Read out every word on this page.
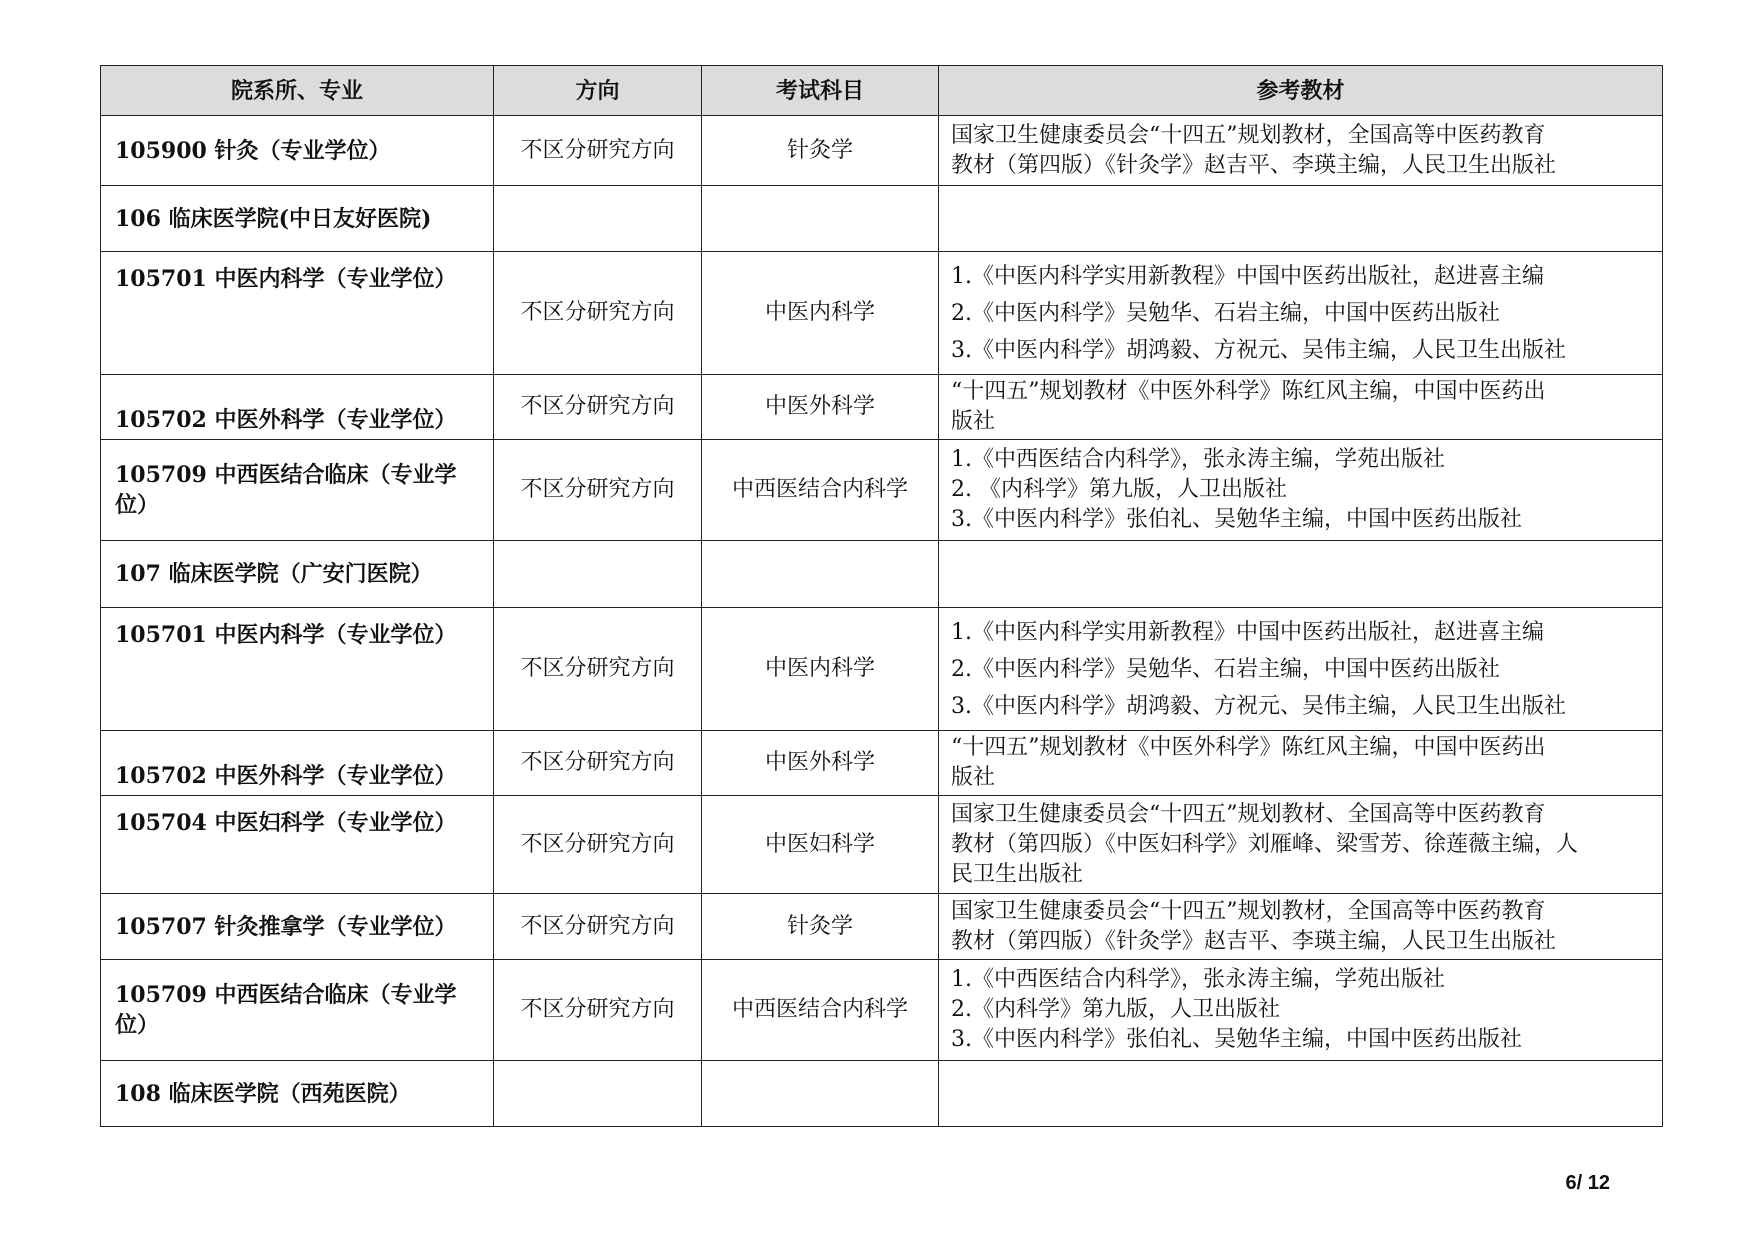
院系所、专业	方向	考试科目	参考教材
105900 针灸（专业学位）	不区分研究方向	针灸学	国家卫生健康委员会“十四五”规划教材，全国高等中医药教育
教材（第四版）《针灸学》赵吉平、李瑛主编，人民卫生出版社

106 临床医学院(中日友好医院)			
105701 中医内科学（专业学位）	不区分研究方向	中医内科学	1.《中医内科学实用新教程》中国中医药出版社，赵进喜主编
2.《中医内科学》吴勉华、石岩主编，中国中医药出版社
3.《中医内科学》胡鸿毅、方祝元、吴伟主编，人民卫生出版社

105702 中医外科学（专业学位）	不区分研究方向	中医外科学	“十四五”规划教材《中医外科学》陈红风主编，中国中医药出
版社

105709 中西医结合临床（专业学位）	不区分研究方向	中西医结合内科学	1.《中西医结合内科学》，张永涛主编，学苑出版社
2. 《内科学》第九版，人卫出版社
3.《中医内科学》张伯礼、吴勉华主编，中国中医药出版社

107 临床医学院（广安门医院）			
105701 中医内科学（专业学位）	不区分研究方向	中医内科学	1.《中医内科学实用新教程》中国中医药出版社，赵进喜主编
2.《中医内科学》吴勉华、石岩主编，中国中医药出版社
3.《中医内科学》胡鸿毅、方祝元、吴伟主编，人民卫生出版社

105702 中医外科学（专业学位）	不区分研究方向	中医外科学	“十四五”规划教材《中医外科学》陈红风主编，中国中医药出
版社

105704 中医妇科学（专业学位）	不区分研究方向	中医妇科学	国家卫生健康委员会“十四五”规划教材、全国高等中医药教育
教材（第四版）《中医妇科学》刘雁峰、梁雪芳、徐莲薇主编，人
民卫生出版社

105707 针灸推拿学（专业学位）	不区分研究方向	针灸学	国家卫生健康委员会“十四五”规划教材，全国高等中医药教育
教材（第四版）《针灸学》赵吉平、李瑛主编，人民卫生出版社

105709 中西医结合临床（专业学位）	不区分研究方向	中西医结合内科学	1.《中西医结合内科学》，张永涛主编，学苑出版社
2.《内科学》第九版，人卫出版社
3.《中医内科学》张伯礼、吴勉华主编，中国中医药出版社

108 临床医学院（西苑医院）			
6/ 12
